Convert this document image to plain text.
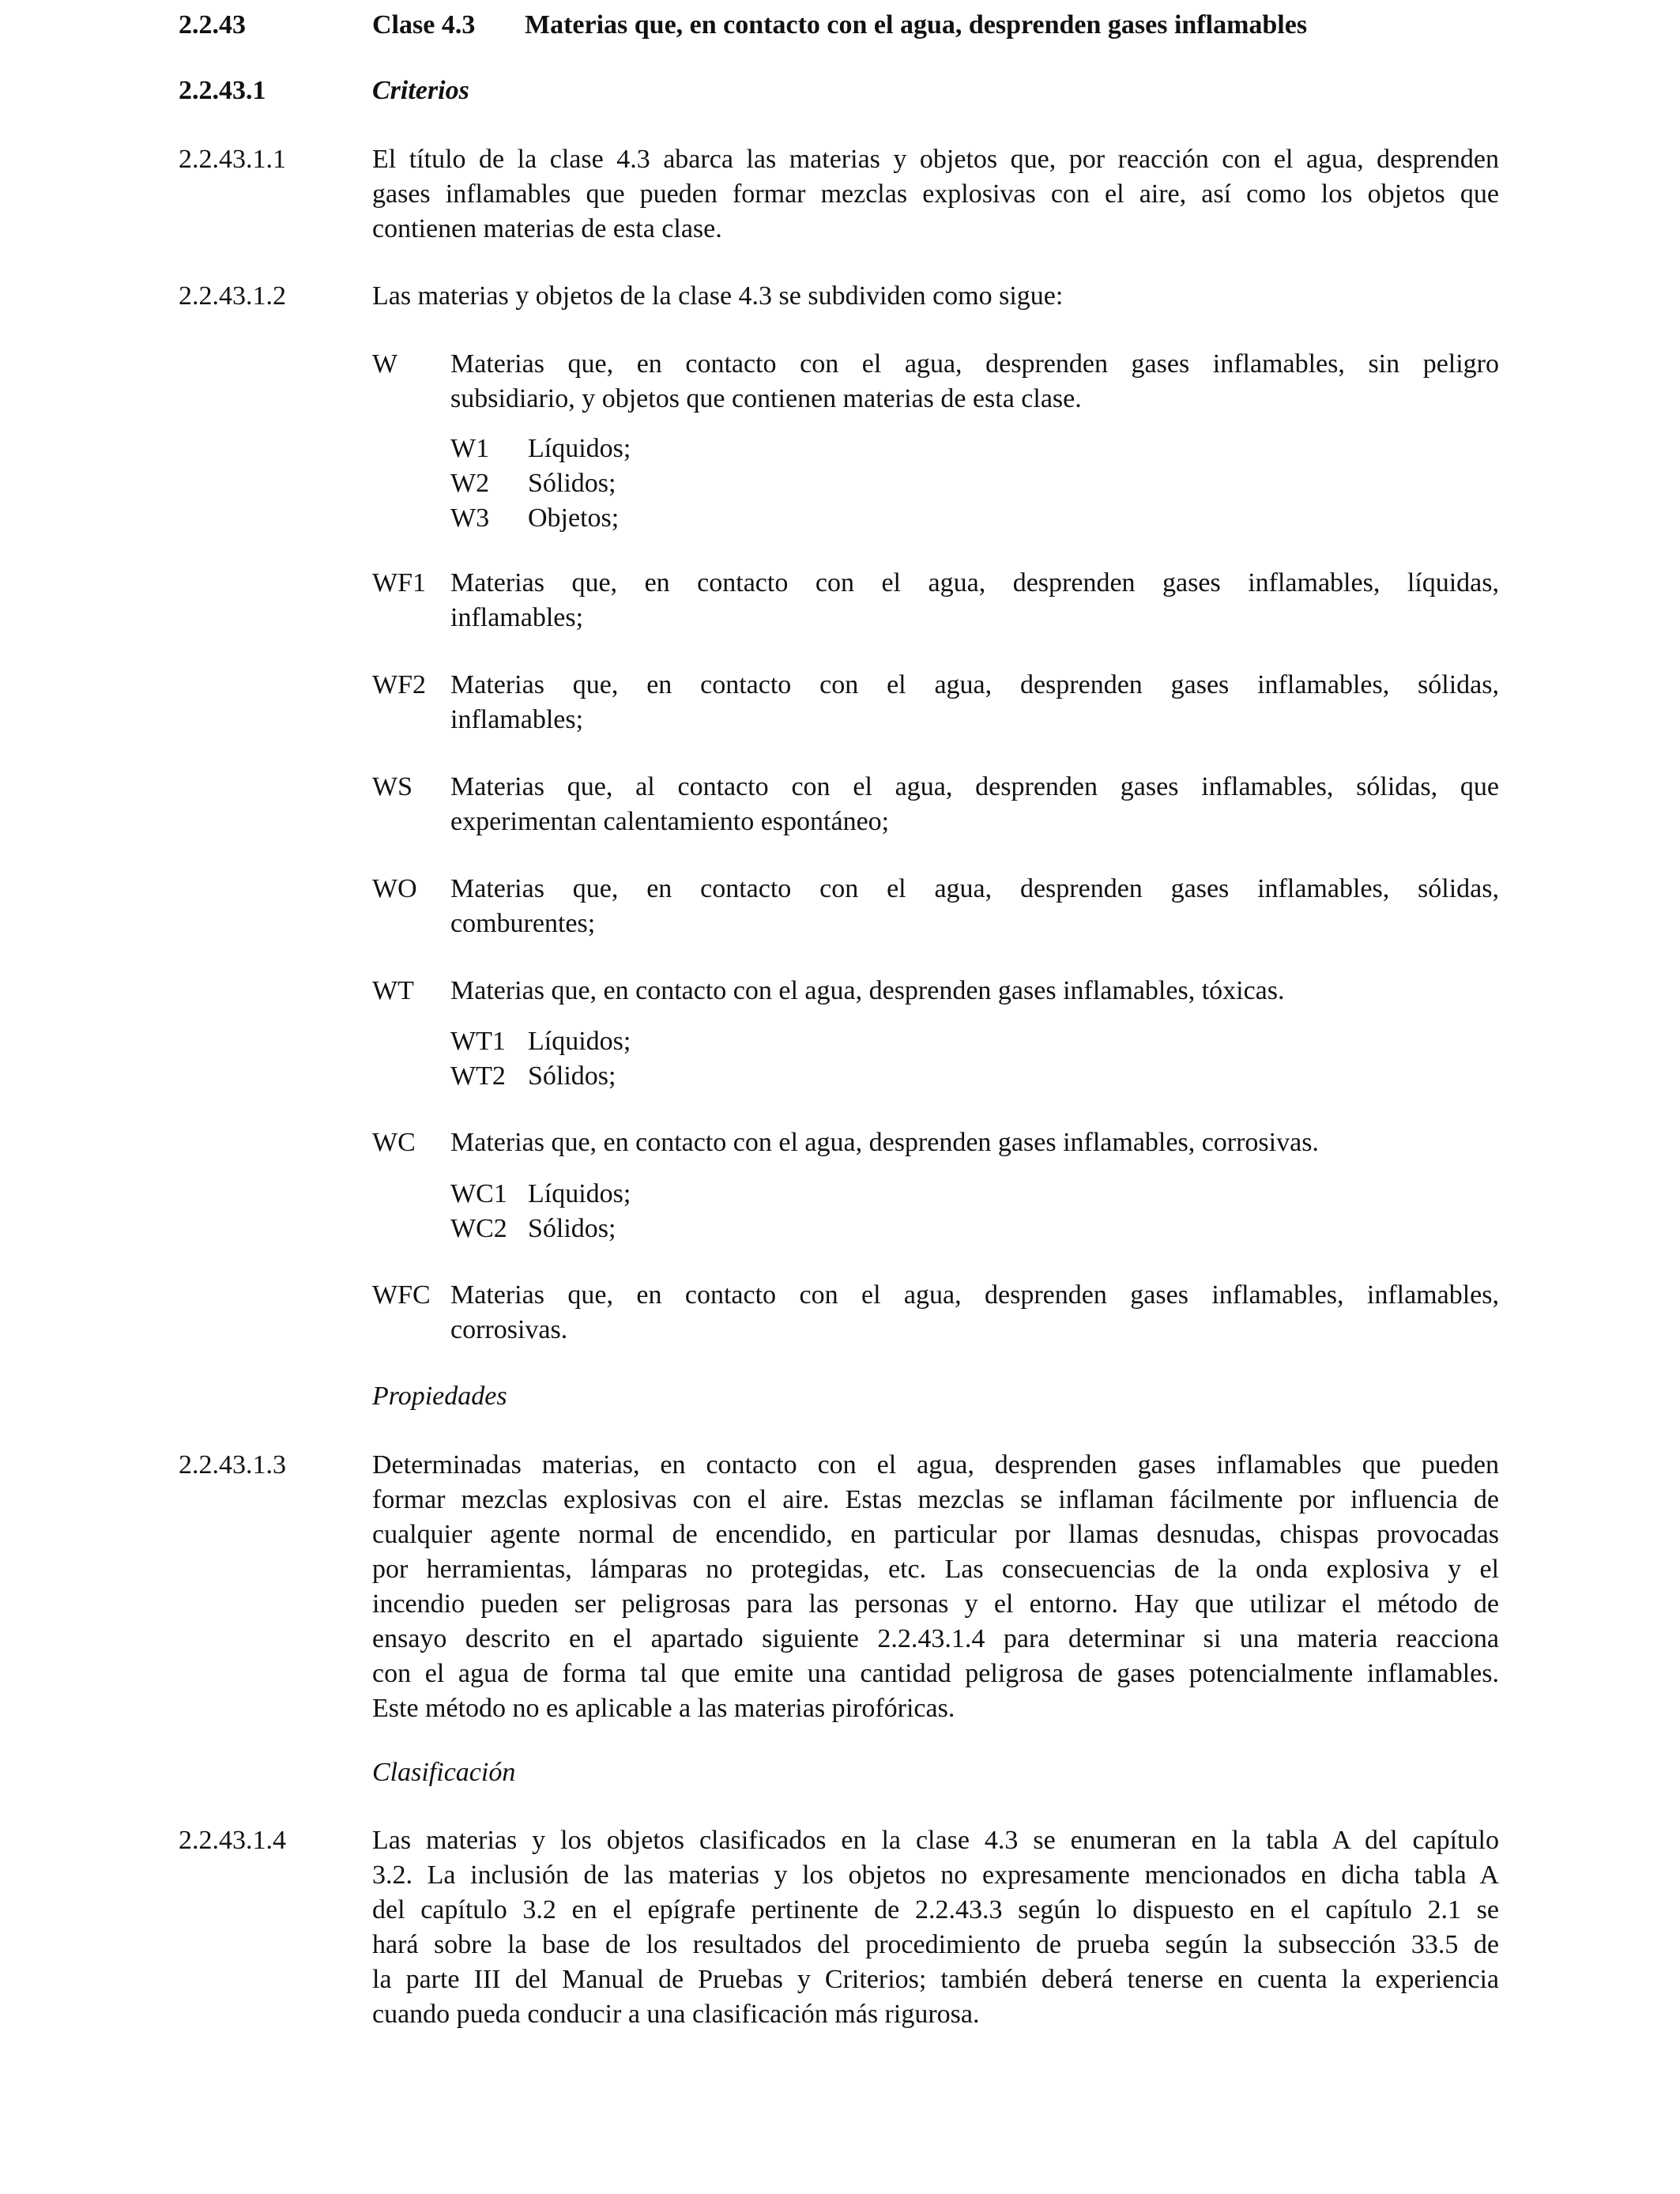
2.2.43	Clase 4.3 Materias que, en contacto con el agua, desprenden gases inflamables
2.2.43.1	Criterios
2.2.43.1.1	El título de la clase 4.3 abarca las materias y objetos que, por reacción con el agua, desprenden
gases inflamables que pueden formar mezclas explosivas con el aire, así como los objetos que
contienen materias de esta clase.
2.2.43.1.2	Las materias y objetos de la clase 4.3 se subdividen como sigue:
W Materias que, en contacto con el agua, desprenden gases inflamables, sin peligro
subsidiario, y objetos que contienen materias de esta clase.
W1 Líquidos;
W2 Sólidos;
W3 Objetos;
WF1 Materias que, en contacto con el agua, desprenden gases inflamables, líquidas,
inflamables;
WF2 Materias que, en contacto con el agua, desprenden gases inflamables, sólidas,
inflamables;
WS Materias que, al contacto con el agua, desprenden gases inflamables, sólidas, que
experimentan calentamiento espontáneo;
WO Materias que, en contacto con el agua, desprenden gases inflamables, sólidas,
comburentes;
WT Materias que, en contacto con el agua, desprenden gases inflamables, tóxicas.
WT1 Líquidos;
WT2 Sólidos;
WC Materias que, en contacto con el agua, desprenden gases inflamables, corrosivas.
WC1 Líquidos;
WC2 Sólidos;
WFC Materias que, en contacto con el agua, desprenden gases inflamables, inflamables,
corrosivas.
Propiedades
2.2.43.1.3	Determinadas materias, en contacto con el agua, desprenden gases inflamables que pueden
formar mezclas explosivas con el aire. Estas mezclas se inflaman fácilmente por influencia de
cualquier agente normal de encendido, en particular por llamas desnudas, chispas provocadas
por herramientas, lámparas no protegidas, etc. Las consecuencias de la onda explosiva y el
incendio pueden ser peligrosas para las personas y el entorno. Hay que utilizar el método de
ensayo descrito en el apartado siguiente 2.2.43.1.4 para determinar si una materia reacciona
con el agua de forma tal que emite una cantidad peligrosa de gases potencialmente inflamables.
Este método no es aplicable a las materias pirofóricas.
Clasificación
2.2.43.1.4	Las materias y los objetos clasificados en la clase 4.3 se enumeran en la tabla A del capítulo
3.2. La inclusión de las materias y los objetos no expresamente mencionados en dicha tabla A
del capítulo 3.2 en el epígrafe pertinente de 2.2.43.3 según lo dispuesto en el capítulo 2.1 se
hará sobre la base de los resultados del procedimiento de prueba según la subsección 33.5 de
la parte III del Manual de Pruebas y Criterios; también deberá tenerse en cuenta la experiencia
cuando pueda conducir a una clasificación más rigurosa.
